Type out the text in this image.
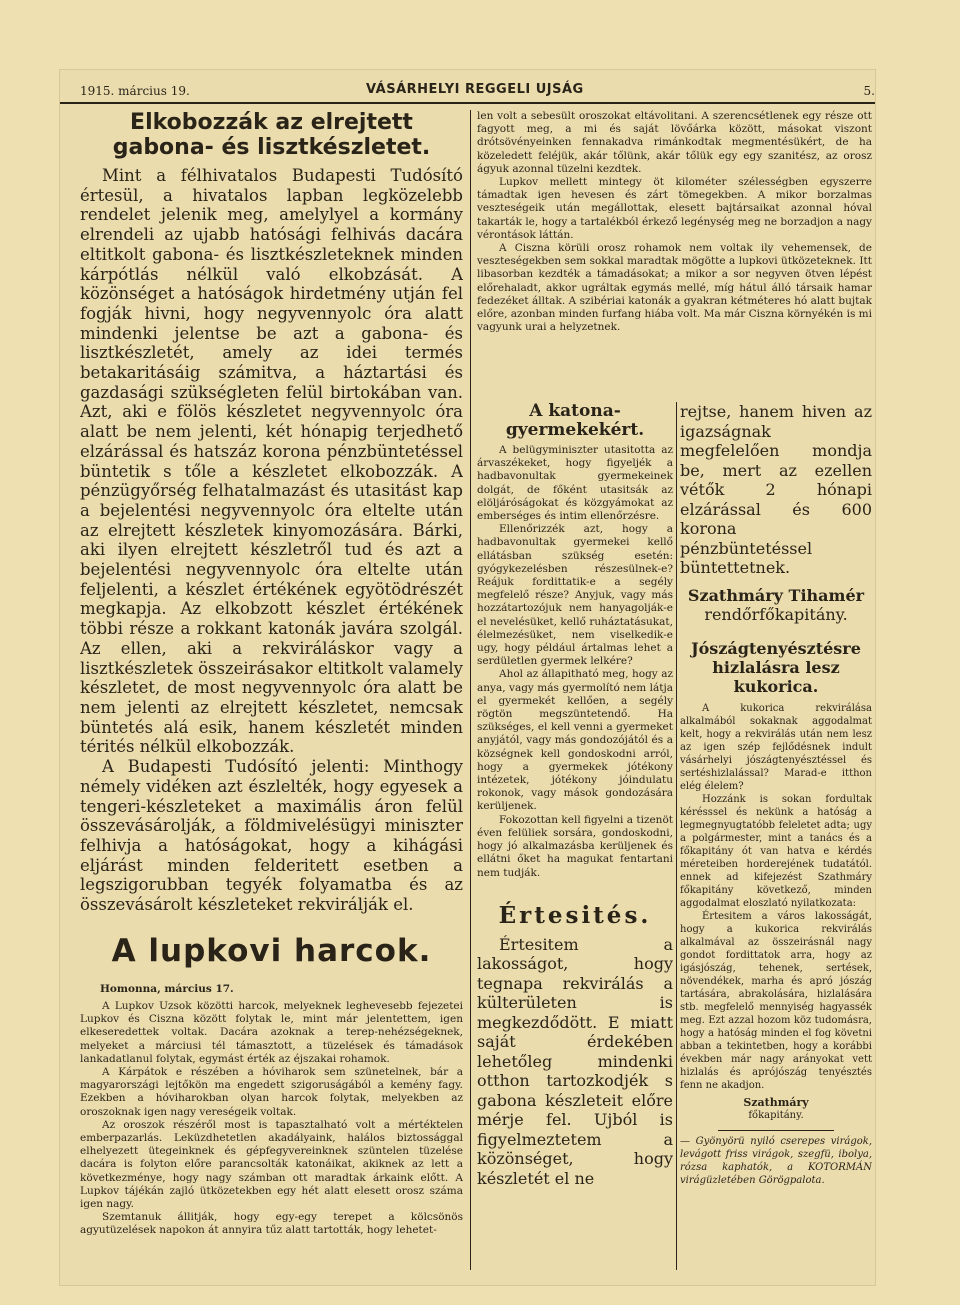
1915. március 19.	VÁSÁRHELYI REGGELI UJSÁG	5.
Elkobozzák az elrejtett gabona- és lisztkészletet.

Mint a félhivatalos Budapesti Tudósító értesül, a hivatalos lapban legközelebb rendelet jelenik meg, amelylyel a kormány elrendeli az ujabb hatósági felhivás dacára eltitkolt gabona- és lisztkészleteknek minden kárpótlás nélkül való elkobzását. A közönséget a hatóságok hirdetmény utján fel fogják hivni, hogy negyvennyolc óra alatt mindenki jelentse be azt a gabona- és lisztkészletét, amely az idei termés betakaritásáig számitva, a háztartási és gazdasági szükségleten felül birtokában van. Azt, aki e fölös készletet negyvennyolc óra alatt be nem jelenti, két hónapig terjedhető elzárással és hatszáz korona pénzbüntetéssel büntetik s tőle a készletet elkobozzák. A pénzügyőrség felhatalmazást és utasitást kap a bejelentési negyvennyolc óra eltelte után az elrejtett készletek kinyomozására. Bárki, aki ilyen elrejtett készletről tud és azt a bejelentési negyvennyolc óra eltelte után feljelenti, a készlet értékének egyötödrészét megkapja. Az elkobzott készlet értékének többi része a rokkant katonák javára szolgál. Az ellen, aki a rekviráláskor vagy a lisztkészletek összeirásakor eltitkolt valamely készletet, de most negyvennyolc óra alatt be nem jelenti az elrejtett készletet, nemcsak büntetés alá esik, hanem készletét minden térités nélkül elkobozzák.

A Budapesti Tudósító jelenti: Minthogy némely vidéken azt észlelték, hogy egyesek a tengeri-készleteket a maximális áron felül összevásárolják, a földmivelésügyi miniszter felhivja a hatóságokat, hogy a kihágási eljárást minden felderitett esetben a legszigorubban tegyék folyamatba és az összevásárolt készleteket rekvirálják el.

A lupkovi harcok.

Homonna, március 17.

A Lupkov Uzsok közötti harcok, melyeknek leghevesebb fejezetei Lupkov és Ciszna között folytak le, mint már jelentettem, igen elkeseredettek voltak. Dacára azoknak a terep-nehézségeknek, melyeket a márciusi tél támasztott, a tüzelések és támadások lankadatlanul folytak, egymást érték az éjszakai rohamok.

A Kárpátok e részében a hóviharok sem szünetelnek, bár a magyarországi lejtőkön ma engedett szigoruságából a kemény fagy. Ezekben a hóviharokban olyan harcok folytak, melyekben az oroszoknak igen nagy vereségeik voltak.

Az oroszok részéről most is tapasztalható volt a mértéktelen emberpazarlás. Leküzdhetetlen akadályaink, halálos biztossággal elhelyezett ütegeinknek és gépfegyvereinknek szüntelen tüzelése dacára is folyton előre parancsolták katonáikat, akiknek az lett a következménye, hogy nagy számban ott maradtak árkaink előtt. A Lupkov tájékán zajló ütközetekben egy hét alatt elesett orosz száma igen nagy.

Szemtanuk állitják, hogy egy-egy terepet a kölcsönös agyutüzelések napokon át annyira tűz alatt tartották, hogy lehetet-

len volt a sebesült oroszokat eltávolitani. A szerencsétlenek egy része ott fagyott meg, a mi és saját lövőárka között, másokat viszont drótsövényeinken fennakadva rimánkodtak megmentésükért, de ha közeledett feléjük, akár tőlünk, akár tőlük egy egy szanitész, az orosz ágyuk azonnal tüzelni kezdtek.

Lupkov mellett mintegy öt kilométer szélességben egyszerre támadtak igen hevesen és zárt tömegekben. A mikor borzalmas veszteségeik után megállottak, elesett bajtársaikat azonnal hóval takarták le, hogy a tartalékból érkező legénység meg ne borzadjon a nagy vérontások láttán.

A Ciszna körüli orosz rohamok nem voltak ily vehemensek, de veszteségekben sem sokkal maradtak mögötte a lupkovi ütközeteknek. Itt libasorban kezdték a támadásokat; a mikor a sor negyven ötven lépést előrehaladt, akkor ugráltak egymás mellé, míg hátul álló társaik hamar fedezéket álltak. A szibériai katonák a gyakran kétméteres hó alatt bujtak előre, azonban minden furfang hiába volt. Ma már Ciszna környékén is mi vagyunk urai a helyzetnek.

A katona-gyermekekért.

A belügyminiszter utasitotta az árvaszékeket, hogy figyeljék a hadbavonultak gyermekeinek dolgát, de főként utasitsák az elöljáróságokat és közgyámokat az emberséges és intim ellenőrzésre.

Ellenőrizzék azt, hogy a hadbavonultak gyermekei kellő ellátásban szükség esetén: gyógykezelésben részesülnek-e? Reájuk fordittatik-e a segély megfelelő része? Anyjuk, vagy más hozzátartozójuk nem hanyagolják-e el nevelésüket, kellő ruháztatásukat, élelmezésüket, nem viselkedik-e ugy, hogy például ártalmas lehet a serdületlen gyermek lelkére?

Ahol az állapitható meg, hogy az anya, vagy más gyermolító nem látja el gyermekét kellően, a segély rögtön megszüntetendő. Ha szükséges, el kell venni a gyermeket anyjától, vagy más gondozójától és a községnek kell gondoskodni arról, hogy a gyermekek jótékony intézetek, jótékony jóindulatu rokonok, vagy mások gondozására kerüljenek.

Fokozottan kell figyelni a tizenöt éven felüliek sorsára, gondoskodni, hogy jó alkalmazásba kerüljenek és ellátni őket ha magukat fentartani nem tudják.

Értesités.

Értesitem a lakosságot, hogy tegnapa rekvirálás a külterületen is megkezdődött. E miatt saját érdekében lehetőleg mindenki otthon tartozkodjék s gabona készleteit előre mérje fel. Ujból is figyelmeztetem a közönséget, hogy készletét el ne

rejtse, hanem hiven az igazságnak megfelelően mondja be, mert az ezellen vétők 2 hónapi elzárással és 600 korona pénzbüntetéssel büntettetnek.

Szathmáry Tihamér

rendőrfőkapitány.

Jószágtenyésztésre hizlalásra lesz kukorica.

A kukorica rekvirálása alkalmából sokaknak aggodalmat kelt, hogy a rekvirálás után nem lesz az igen szép fejlődésnek indult vásárhelyi jószágtenyésztéssel és sertéshizlalással? Marad-e itthon elég élelem?

Hozzánk is sokan fordultak kérésssel és nekünk a hatóság a legmegnyugtatóbb feleletet adta; ugy a polgármester, mint a tanács és a főkapitány ót van hatva e kérdés méreteiben horderejének tudatától. ennek ad kifejezést Szathmáry főkapitány következő, minden aggodalmat eloszlató nyilatkozata:

Értesitem a város lakosságát, hogy a kukorica rekvirálás alkalmával az összeirásnál nagy gondot fordittatok arra, hogy az igásjószág, tehenek, sertések, növendékek, marha és apró jószág tartására, abrakolására, hizlalására stb. megfelelő mennyiség hagyassék meg. Ezt azzal hozom köz tudomásra, hogy a hatóság minden el fog követni abban a tekintetben, hogy a korábbi években már nagy arányokat vett hizlalás és aprójószág tenyésztés fenn ne akadjon.

Szathmáry

főkapitány.

— Gyönyörü nyiló cserepes virágok, levágott friss virágok, szegfü, ibolya, rózsa kaphatók, a KOTORMÁN virágüzletében Görögpalota.
